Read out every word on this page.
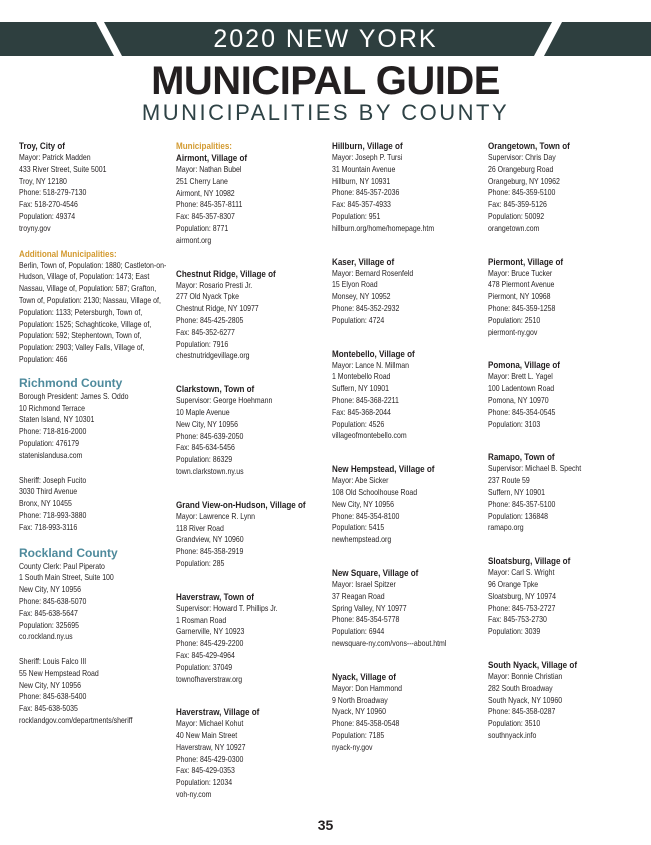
2020 NEW YORK
MUNICIPAL GUIDE
MUNICIPALITIES BY COUNTY
Troy, City of
Mayor: Patrick Madden
433 River Street, Suite 5001
Troy, NY 12180
Phone: 518-279-7130
Fax: 518-270-4546
Population: 49374
troyny.gov
Additional Municipalities:
Berlin, Town of, Population: 1880; Castleton-on-Hudson, Village of, Population: 1473; East Nassau, Village of, Population: 587; Grafton, Town of, Population: 2130; Nassau, Village of, Population: 1133; Petersburgh, Town of, Population: 1525; Schaghticoke, Village of, Population: 592; Stephentown, Town of, Population: 2903; Valley Falls, Village of, Population: 466
Richmond County
Borough President: James S. Oddo
10 Richmond Terrace
Staten Island, NY 10301
Phone: 718-816-2000
Population: 476179
statenislandusa.com
Sheriff: Joseph Fucito
3030 Third Avenue
Bronx, NY 10455
Phone: 718-993-3880
Fax: 718-993-3116
Rockland County
County Clerk: Paul Piperato
1 South Main Street, Suite 100
New City, NY 10956
Phone: 845-638-5070
Fax: 845-638-5647
Population: 325695
co.rockland.ny.us
Sheriff: Louis Falco III
55 New Hempstead Road
New City, NY 10956
Phone: 845-638-5400
Fax: 845-638-5035
rocklandgov.com/departments/sheriff
Municipalities:
Airmont, Village of
Mayor: Nathan Bubel
251 Cherry Lane
Airmont, NY 10982
Phone: 845-357-8111
Fax: 845-357-8307
Population: 8771
airmont.org
Chestnut Ridge, Village of
Mayor: Rosario Presti Jr.
277 Old Nyack Tpke
Chestnut Ridge, NY 10977
Phone: 845-425-2805
Fax: 845-352-6277
Population: 7916
chestnutridgevillage.org
Clarkstown, Town of
Supervisor: George Hoehmann
10 Maple Avenue
New City, NY 10956
Phone: 845-639-2050
Fax: 845-634-5456
Population: 86329
town.clarkstown.ny.us
Grand View-on-Hudson, Village of
Mayor: Lawrence R. Lynn
118 River Road
Grandview, NY 10960
Phone: 845-358-2919
Population: 285
Haverstraw, Town of
Supervisor: Howard T. Phillips Jr.
1 Rosman Road
Garnerville, NY 10923
Phone: 845-429-2200
Fax: 845-429-4964
Population: 37049
townofhaverstraw.org
Haverstraw, Village of
Mayor: Michael Kohut
40 New Main Street
Haverstraw, NY 10927
Phone: 845-429-0300
Fax: 845-429-0353
Population: 12034
voh-ny.com
Hillburn, Village of
Mayor: Joseph P. Tursi
31 Mountain Avenue
Hillburn, NY 10931
Phone: 845-357-2036
Fax: 845-357-4933
Population: 951
hillburn.org/home/homepage.htm
Kaser, Village of
Mayor: Bernard Rosenfeld
15 Elyon Road
Monsey, NY 10952
Phone: 845-352-2932
Population: 4724
Montebello, Village of
Mayor: Lance N. Millman
1 Montebello Road
Suffern, NY 10901
Phone: 845-368-2211
Fax: 845-368-2044
Population: 4526
villageofmontebello.com
New Hempstead, Village of
Mayor: Abe Sicker
108 Old Schoolhouse Road
New City, NY 10956
Phone: 845-354-8100
Population: 5415
newhempstead.org
New Square, Village of
Mayor: Israel Spitzer
37 Reagan Road
Spring Valley, NY 10977
Phone: 845-354-5778
Population: 6944
newsquare-ny.com/vons---about.html
Nyack, Village of
Mayor: Don Hammond
9 North Broadway
Nyack, NY 10960
Phone: 845-358-0548
Population: 7185
nyack-ny.gov
Orangetown, Town of
Supervisor: Chris Day
26 Orangeburg Road
Orangeburg, NY 10962
Phone: 845-359-5100
Fax: 845-359-5126
Population: 50092
orangetown.com
Piermont, Village of
Mayor: Bruce Tucker
478 Piermont Avenue
Piermont, NY 10968
Phone: 845-359-1258
Population: 2510
piermont-ny.gov
Pomona, Village of
Mayor: Brett L. Yagel
100 Ladentown Road
Pomona, NY 10970
Phone: 845-354-0545
Population: 3103
Ramapo, Town of
Supervisor: Michael B. Specht
237 Route 59
Suffern, NY 10901
Phone: 845-357-5100
Population: 136848
ramapo.org
Sloatsburg, Village of
Mayor: Carl S. Wright
96 Orange Tpke
Sloatsburg, NY 10974
Phone: 845-753-2727
Fax: 845-753-2730
Population: 3039
South Nyack, Village of
Mayor: Bonnie Christian
282 South Broadway
South Nyack, NY 10960
Phone: 845-358-0287
Population: 3510
southnyack.info
35
